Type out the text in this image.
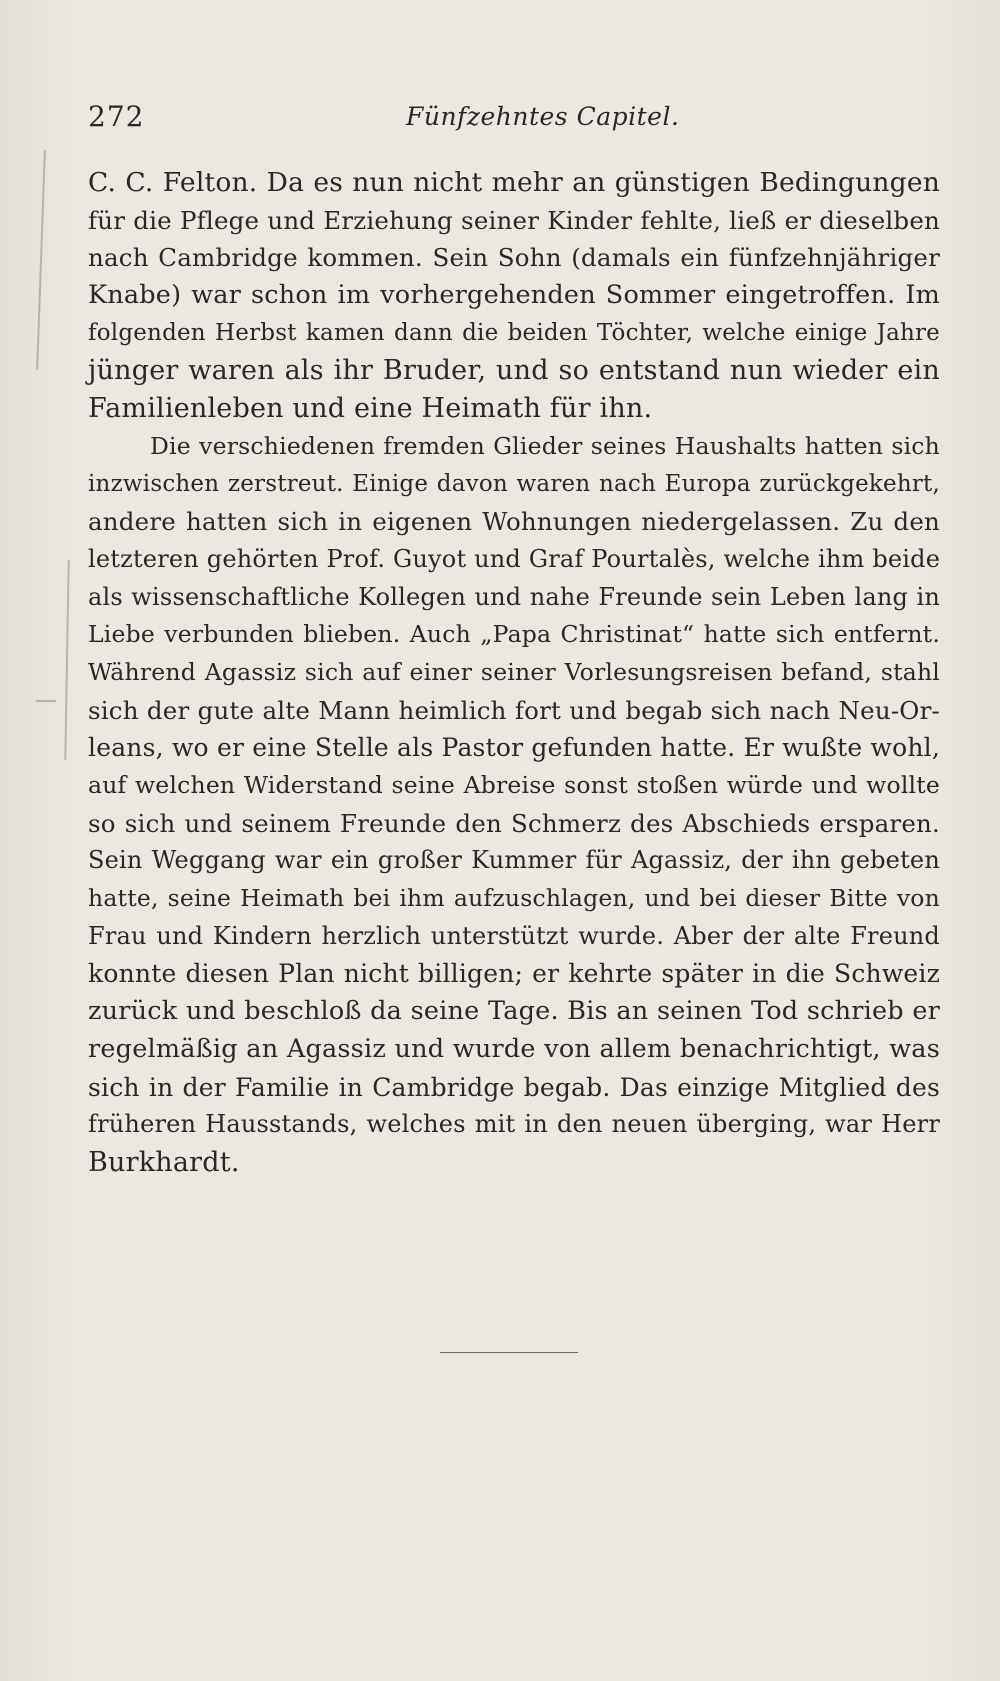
272	Fünfzehntes Capitel.
C. C. Felton. Da es nun nicht mehr an günstigen Bedingungen
für die Pflege und Erziehung seiner Kinder fehlte, ließ er dieselben
nach Cambridge kommen. Sein Sohn (damals ein fünfzehnjähriger
Knabe) war schon im vorhergehenden Sommer eingetroffen. Im
folgenden Herbst kamen dann die beiden Töchter, welche einige Jahre
jünger waren als ihr Bruder, und so entstand nun wieder ein
Familienleben und eine Heimath für ihn.
Die verschiedenen fremden Glieder seines Haushalts hatten sich
inzwischen zerstreut. Einige davon waren nach Europa zurückgekehrt,
andere hatten sich in eigenen Wohnungen niedergelassen. Zu den
letzteren gehörten Prof. Guyot und Graf Pourtalès, welche ihm beide
als wissenschaftliche Kollegen und nahe Freunde sein Leben lang in
Liebe verbunden blieben. Auch „Papa Christinat“ hatte sich entfernt.
Während Agassiz sich auf einer seiner Vorlesungsreisen befand, stahl
sich der gute alte Mann heimlich fort und begab sich nach Neu-Or-
leans, wo er eine Stelle als Pastor gefunden hatte. Er wußte wohl,
auf welchen Widerstand seine Abreise sonst stoßen würde und wollte
so sich und seinem Freunde den Schmerz des Abschieds ersparen.
Sein Weggang war ein großer Kummer für Agassiz, der ihn gebeten
hatte, seine Heimath bei ihm aufzuschlagen, und bei dieser Bitte von
Frau und Kindern herzlich unterstützt wurde. Aber der alte Freund
konnte diesen Plan nicht billigen; er kehrte später in die Schweiz
zurück und beschloß da seine Tage. Bis an seinen Tod schrieb er
regelmäßig an Agassiz und wurde von allem benachrichtigt, was
sich in der Familie in Cambridge begab. Das einzige Mitglied des
früheren Hausstands, welches mit in den neuen überging, war Herr
Burkhardt.
